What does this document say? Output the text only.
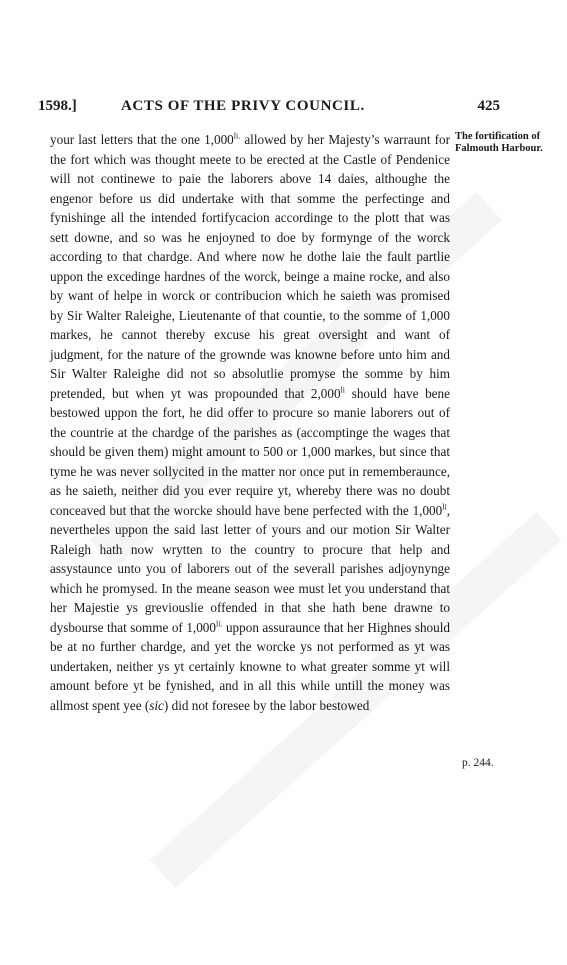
1598.]	ACTS OF THE PRIVY COUNCIL.	425
The fortification of Falmouth Harbour.
p. 244.

your last letters that the one $1,000^{li.}$ allowed by her Majesty’s warraunt for the fort which was thought meete to be erected at the Castle of Pendenice will not continewe to paie the laborers above 14 daies, althoughe the engenor before us did undertake with that somme the perfectinge and fynishinge all the intended fortifycacion accordinge to the plott that was sett downe, and so was he enjoyned to doe by formynge of the worck according to that chardge. And where now he dothe laie the fault partlie uppon the excedinge hardnes of the worck, beinge a maine rocke, and also by want of helpe in worck or contribucion which he saieth was promised by Sir Walter Raleighe, Lieutenante of that countie, to the somme of 1,000 markes, he cannot thereby excuse his great oversight and want of judgment, for the nature of the grownde was knowne before unto him and Sir Walter Raleighe did not so absolutlie promyse the somme by him pretended, but when yt was propounded that $2,000^{li}$ should have bene bestowed uppon the fort, he did offer to procure so manie laborers out of the countrie at the chardge of the parishes as (accomptinge the wages that should be given them) might amount to 500 or 1,000 markes, but since that tyme he was never sollycited in the matter nor once put in rememberaunce, as he saieth, neither did you ever require yt, whereby there was no doubt conceaved but that the worcke should have bene perfected with the $1,000^{li}$, nevertheles uppon the said last letter of yours and our motion Sir Walter Raleigh hath now wrytten to the country to procure that help and assystaunce unto you of laborers out of the severall parishes adjoynynge which he promysed. In the meane season wee must let you understand that her Majestie ys greviouslie offended in that she hath bene drawne to dysbourse that somme of $1,000^{li.}$ uppon assuraunce that her Highnes should be at no further chardge, and yet the worcke ys not performed as yt was undertaken, neither ys yt certainly knowne to what greater somme yt will amount before yt be fynished, and in all this while untill the money was allmost spent yee (sic) did not foresee by the labor bestowed
